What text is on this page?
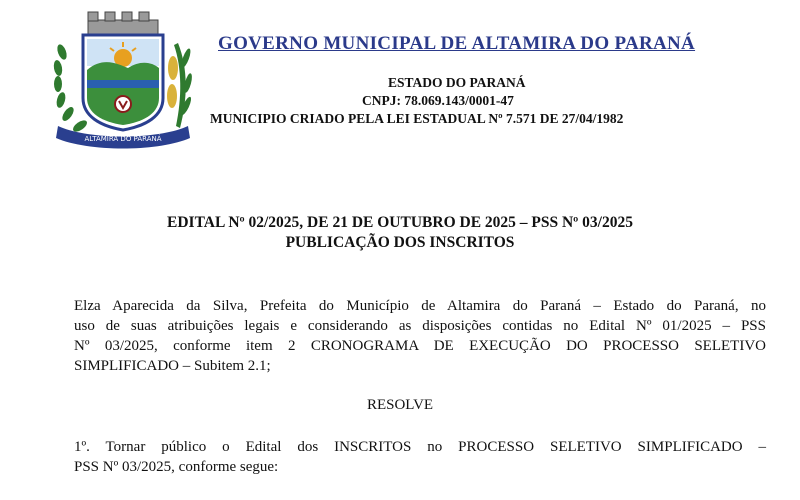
ALTAMIRA DO PARANÁ
GOVERNO MUNICIPAL DE ALTAMIRA DO PARANÁ
ESTADO DO PARANÁ
CNPJ: 78.069.143/0001-47
MUNICIPIO CRIADO PELA LEI ESTADUAL Nº 7.571 DE 27/04/1982
EDITAL Nº 02/2025, DE 21 DE OUTUBRO DE 2025 – PSS Nº 03/2025
PUBLICAÇÃO DOS INSCRITOS
Elza Aparecida da Silva, Prefeita do Município de Altamira do Paraná – Estado do Paraná, no
uso de suas atribuições legais e considerando as disposições contidas no Edital Nº 01/2025 – PSS
Nº 03/2025, conforme item 2 CRONOGRAMA DE EXECUÇÃO DO PROCESSO SELETIVO
SIMPLIFICADO – Subitem 2.1;
RESOLVE
1º. Tornar público o Edital dos INSCRITOS no PROCESSO SELETIVO SIMPLIFICADO –
PSS Nº 03/2025, conforme segue:
